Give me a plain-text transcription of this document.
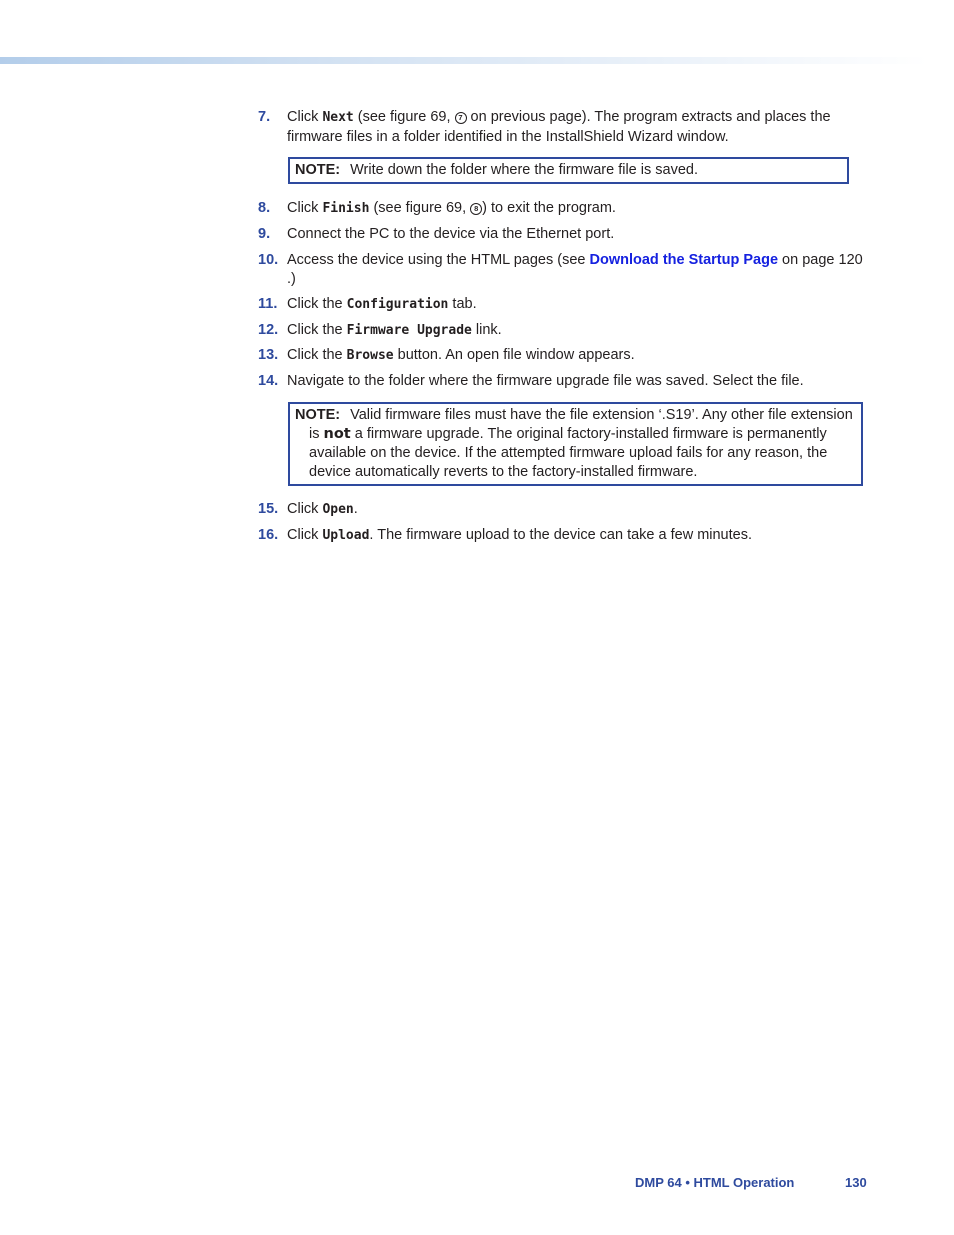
7. Click Next (see figure 69, 7 on previous page). The program extracts and places the firmware files in a folder identified in the InstallShield Wizard window.
NOTE: Write down the folder where the firmware file is saved.
8. Click Finish (see figure 69, 8 ) to exit the program.
9. Connect the PC to the device via the Ethernet port.
10. Access the device using the HTML pages (see Download the Startup Page on page 120 .)
11. Click the Configuration tab.
12. Click the Firmware Upgrade link.
13. Click the Browse button. An open file window appears.
14. Navigate to the folder where the firmware upgrade file was saved. Select the file.
NOTE: Valid firmware files must have the file extension ‘.S19’. Any other file extension is not a firmware upgrade. The original factory-installed firmware is permanently available on the device. If the attempted firmware upload fails for any reason, the device automatically reverts to the factory-installed firmware.
15. Click Open.
16. Click Upload. The firmware upload to the device can take a few minutes.
DMP 64 • HTML Operation	130
